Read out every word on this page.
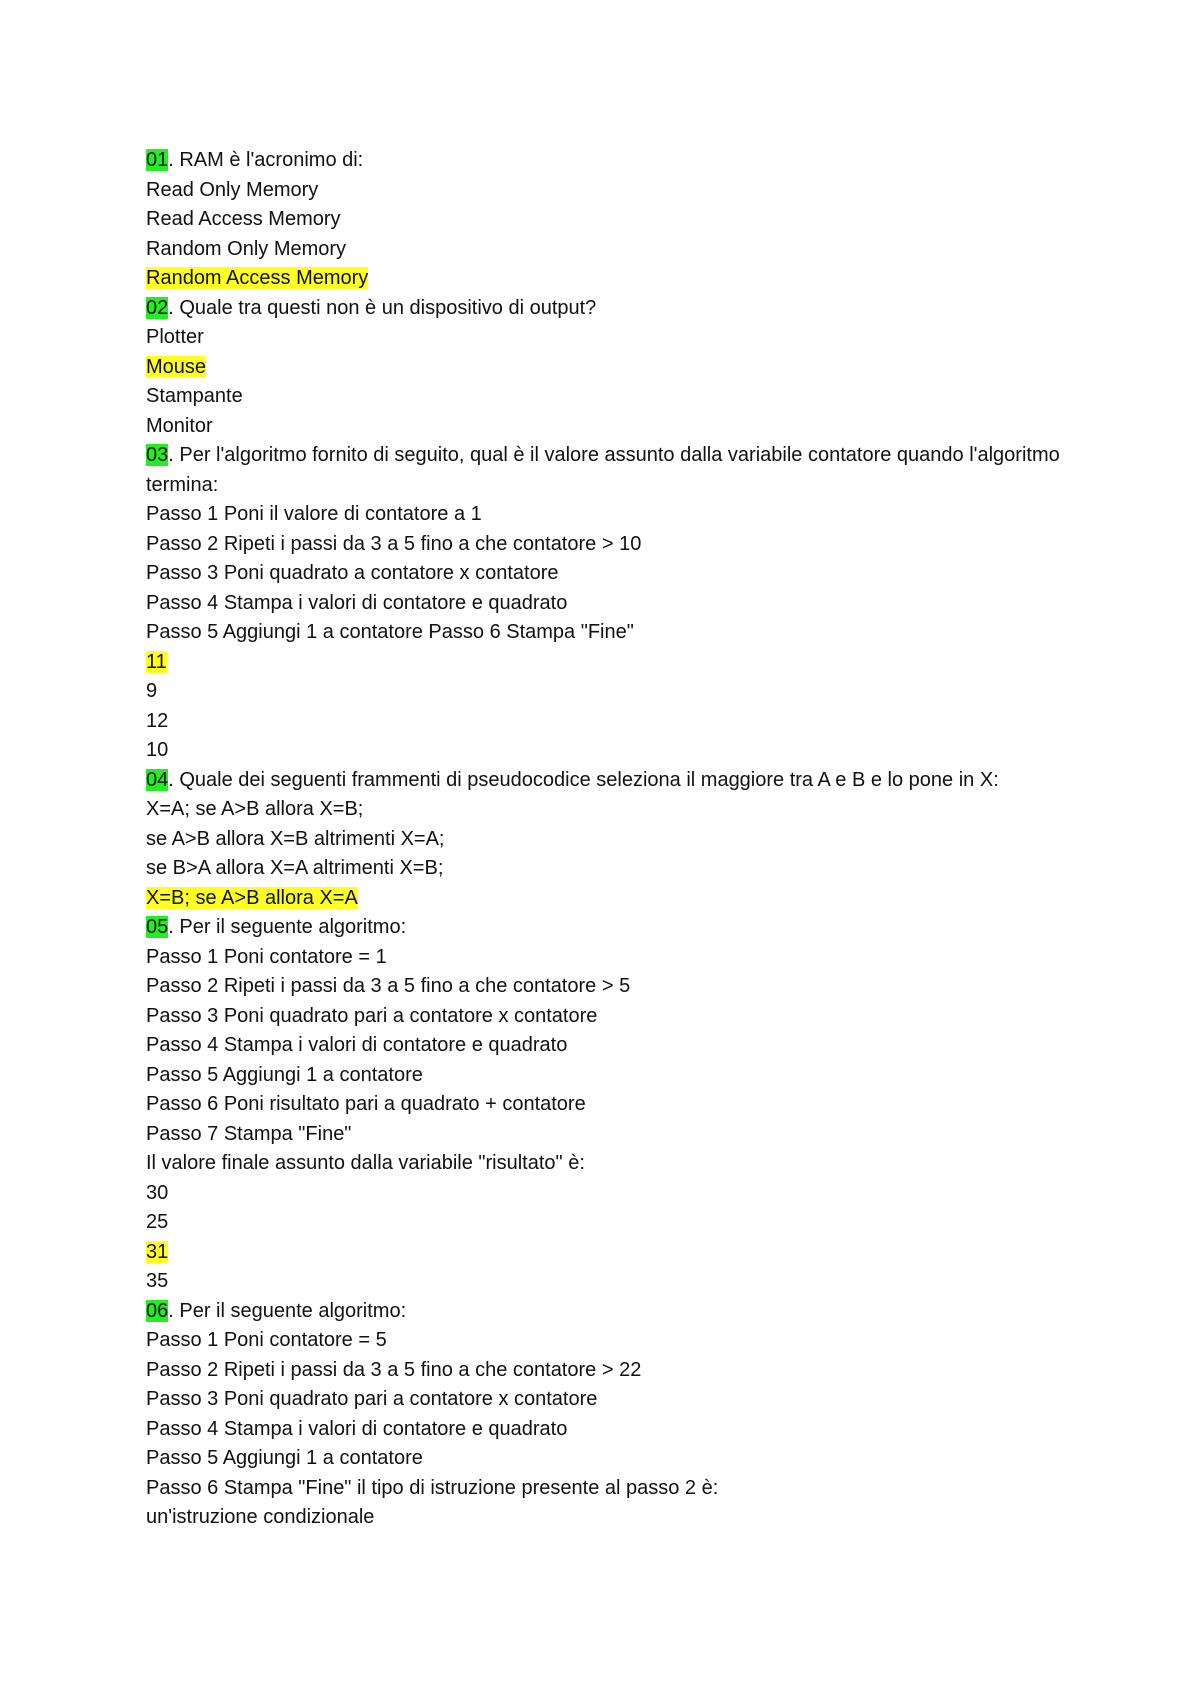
01. RAM è l'acronimo di:
Read Only Memory
Read Access Memory
Random Only Memory
Random Access Memory
02. Quale tra questi non è un dispositivo di output?
Plotter
Mouse
Stampante
Monitor
03. Per l'algoritmo fornito di seguito, qual è il valore assunto dalla variabile contatore quando l'algoritmo termina:
Passo 1 Poni il valore di contatore a 1
Passo 2 Ripeti i passi da 3 a 5 fino a che contatore > 10
Passo 3 Poni quadrato a contatore x contatore
Passo 4 Stampa i valori di contatore e quadrato
Passo 5 Aggiungi 1 a contatore Passo 6 Stampa "Fine"
11
9
12
10
04. Quale dei seguenti frammenti di pseudocodice seleziona il maggiore tra A e B e lo pone in X:
X=A; se A>B allora X=B;
se A>B allora X=B altrimenti X=A;
se B>A allora X=A altrimenti X=B;
X=B; se A>B allora X=A
05. Per il seguente algoritmo:
Passo 1 Poni contatore = 1
Passo 2 Ripeti i passi da 3 a 5 fino a che contatore > 5
Passo 3 Poni quadrato pari a contatore x contatore
Passo 4 Stampa i valori di contatore e quadrato
Passo 5 Aggiungi 1 a contatore
Passo 6 Poni risultato pari a quadrato + contatore
Passo 7 Stampa "Fine"
Il valore finale assunto dalla variabile "risultato" è:
30
25
31
35
06. Per il seguente algoritmo:
Passo 1 Poni contatore = 5
Passo 2 Ripeti i passi da 3 a 5 fino a che contatore > 22
Passo 3 Poni quadrato pari a contatore x contatore
Passo 4 Stampa i valori di contatore e quadrato
Passo 5 Aggiungi 1 a contatore
Passo 6 Stampa "Fine" il tipo di istruzione presente al passo 2 è:
un'istruzione condizionale
